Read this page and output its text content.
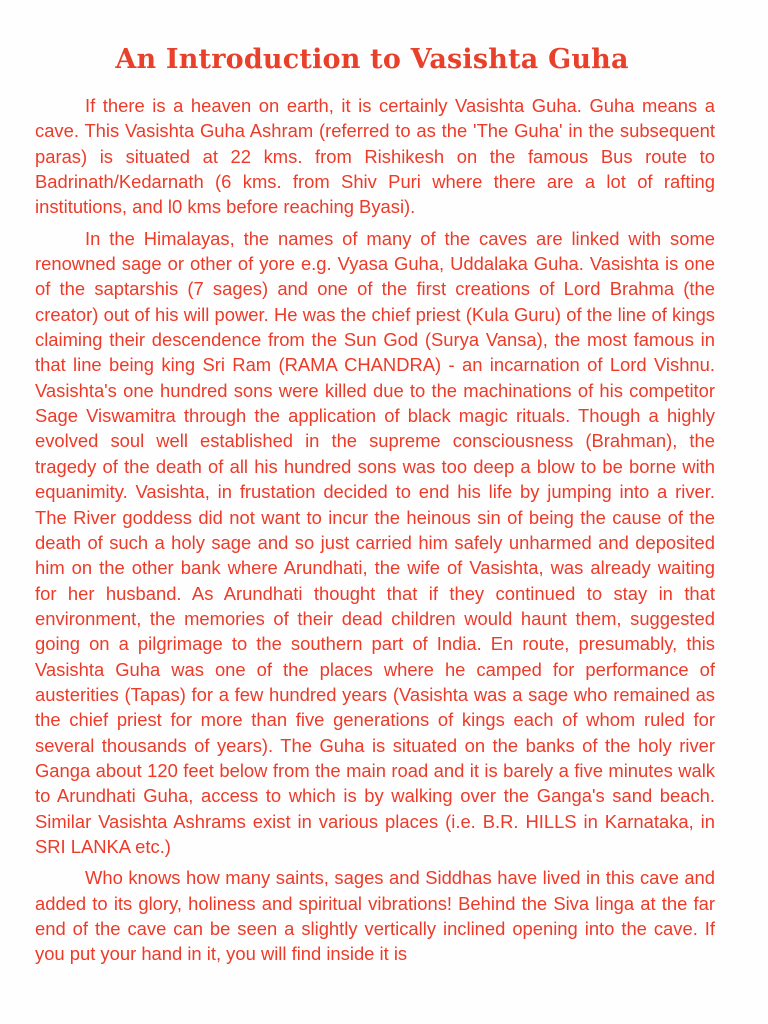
An Introduction to Vasishta Guha

If there is a heaven on earth, it is certainly Vasishta Guha. Guha means a cave. This Vasishta Guha Ashram (referred to as the 'The Guha' in the subsequent paras) is situated at 22 kms. from Rishikesh on the famous Bus route to Badrinath/Kedarnath (6 kms. from Shiv Puri where there are a lot of rafting institutions, and l0 kms before reaching Byasi).

In the Himalayas, the names of many of the caves are linked with some renowned sage or other of yore e.g. Vyasa Guha, Uddalaka Guha. Vasishta is one of the saptarshis (7 sages) and one of the first creations of Lord Brahma (the creator) out of his will power. He was the chief priest (Kula Guru) of the line of kings claiming their descendence from the Sun God (Surya Vansa), the most famous in that line being king Sri Ram (RAMA CHANDRA) - an incarnation of Lord Vishnu. Vasishta's one hundred sons were killed due to the machinations of his competitor Sage Viswamitra through the application of black magic rituals. Though a highly evolved soul well established in the supreme consciousness (Brahman), the tragedy of the death of all his hundred sons was too deep a blow to be borne with equanimity. Vasishta, in frustation decided to end his life by jumping into a river. The River goddess did not want to incur the heinous sin of being the cause of the death of such a holy sage and so just carried him safely unharmed and deposited him on the other bank where Arundhati, the wife of Vasishta, was already waiting for her husband. As Arundhati thought that if they continued to stay in that environment, the memories of their dead children would haunt them, suggested going on a pilgrimage to the southern part of India. En route, presumably, this Vasishta Guha was one of the places where he camped for performance of austerities (Tapas) for a few hundred years (Vasishta was a sage who remained as the chief priest for more than five generations of kings each of whom ruled for several thousands of years). The Guha is situated on the banks of the holy river Ganga about 120 feet below from the main road and it is barely a five minutes walk to Arundhati Guha, access to which is by walking over the Ganga's sand beach. Similar Vasishta Ashrams exist in various places (i.e. B.R. HILLS in Karnataka, in SRI LANKA etc.)

Who knows how many saints, sages and Siddhas have lived in this cave and added to its glory, holiness and spiritual vibrations! Behind the Siva linga at the far end of the cave can be seen a slightly vertically inclined opening into the cave. If you put your hand in it, you will find inside it is
